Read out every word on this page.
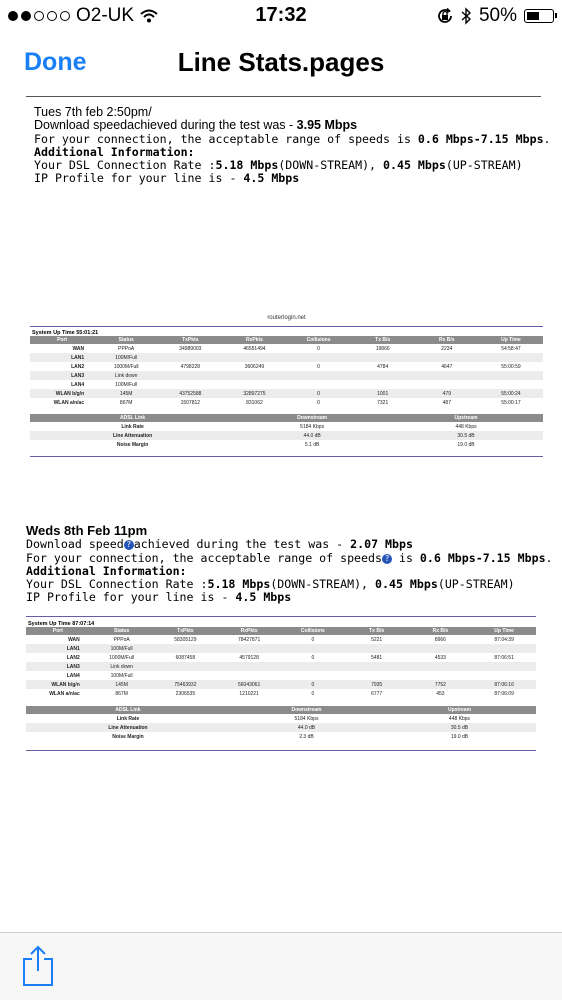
O2-UK	17:32	50%
Done	Line Stats.pages
Tues 7th feb 2:50pm/
Download speedachieved during the test was - 3.95 Mbps
For your connection, the acceptable range of speeds is 0.6 Mbps-7.15 Mbps.
Additional Information:
Your DSL Connection Rate :5.18 Mbps(DOWN-STREAM), 0.45 Mbps(UP-STREAM)
IP Profile for your line is - 4.5 Mbps
routerlogin.net
System Up Time 55:01:21
Port	Status	TxPkts	RxPkts	Collisions	Tx B/s	Rx B/s	Up Time
WAN	PPPoA	34989003	46551494	0	19866	2234	54:58:47
LAN1	100M/Full						
LAN2	1000M/Full	4798228	3606249	0	4784	4647	55:00:59
LAN3	Link down						
LAN4	100M/Full						
WLAN b/g/n	145M	43752588	32897275	0	1001	479	55:00:24
WLAN a/n/ac	867M	1507812	831062	0	7321	487	55:00:17
ADSL Link	Downstream	Upstream
Link Rate	5184 Kbps	448 Kbps
Line Attenuation	44.0 dB	30.5 dB
Noise Margin	5.1 dB	19.0 dB
Weds 8th Feb 11pm
Download speed ? achieved during the test was - 2.07 Mbps
For your connection, the acceptable range of speeds ? is 0.6 Mbps-7.15 Mbps.
Additional Information:
Your DSL Connection Rate :5.18 Mbps(DOWN-STREAM), 0.45 Mbps(UP-STREAM)
IP Profile for your line is - 4.5 Mbps
System Up Time 87:07:14
Port	Status	TxPkts	RxPkts	Collisions	Tx B/s	Rx B/s	Up Time
WAN	PPPoA	58305129	78427871	0	5221	8966	87:04:39
LAN1	100M/Full						
LAN2	1000M/Full	6087458	4579128	0	5481	4533	87:06:51
LAN3	Link down						
LAN4	100M/Full						
WLAN b/g/n	145M	75463932	56043061	0	7935	7752	87:06:16
WLAN a/n/ac	867M	2306535	1210221	0	6777	453	87:06:09
ADSL Link	Downstream	Upstream
Link Rate	5184 Kbps	448 Kbps
Line Attenuation	44.0 dB	30.5 dB
Noise Margin	2.3 dB	19.0 dB
